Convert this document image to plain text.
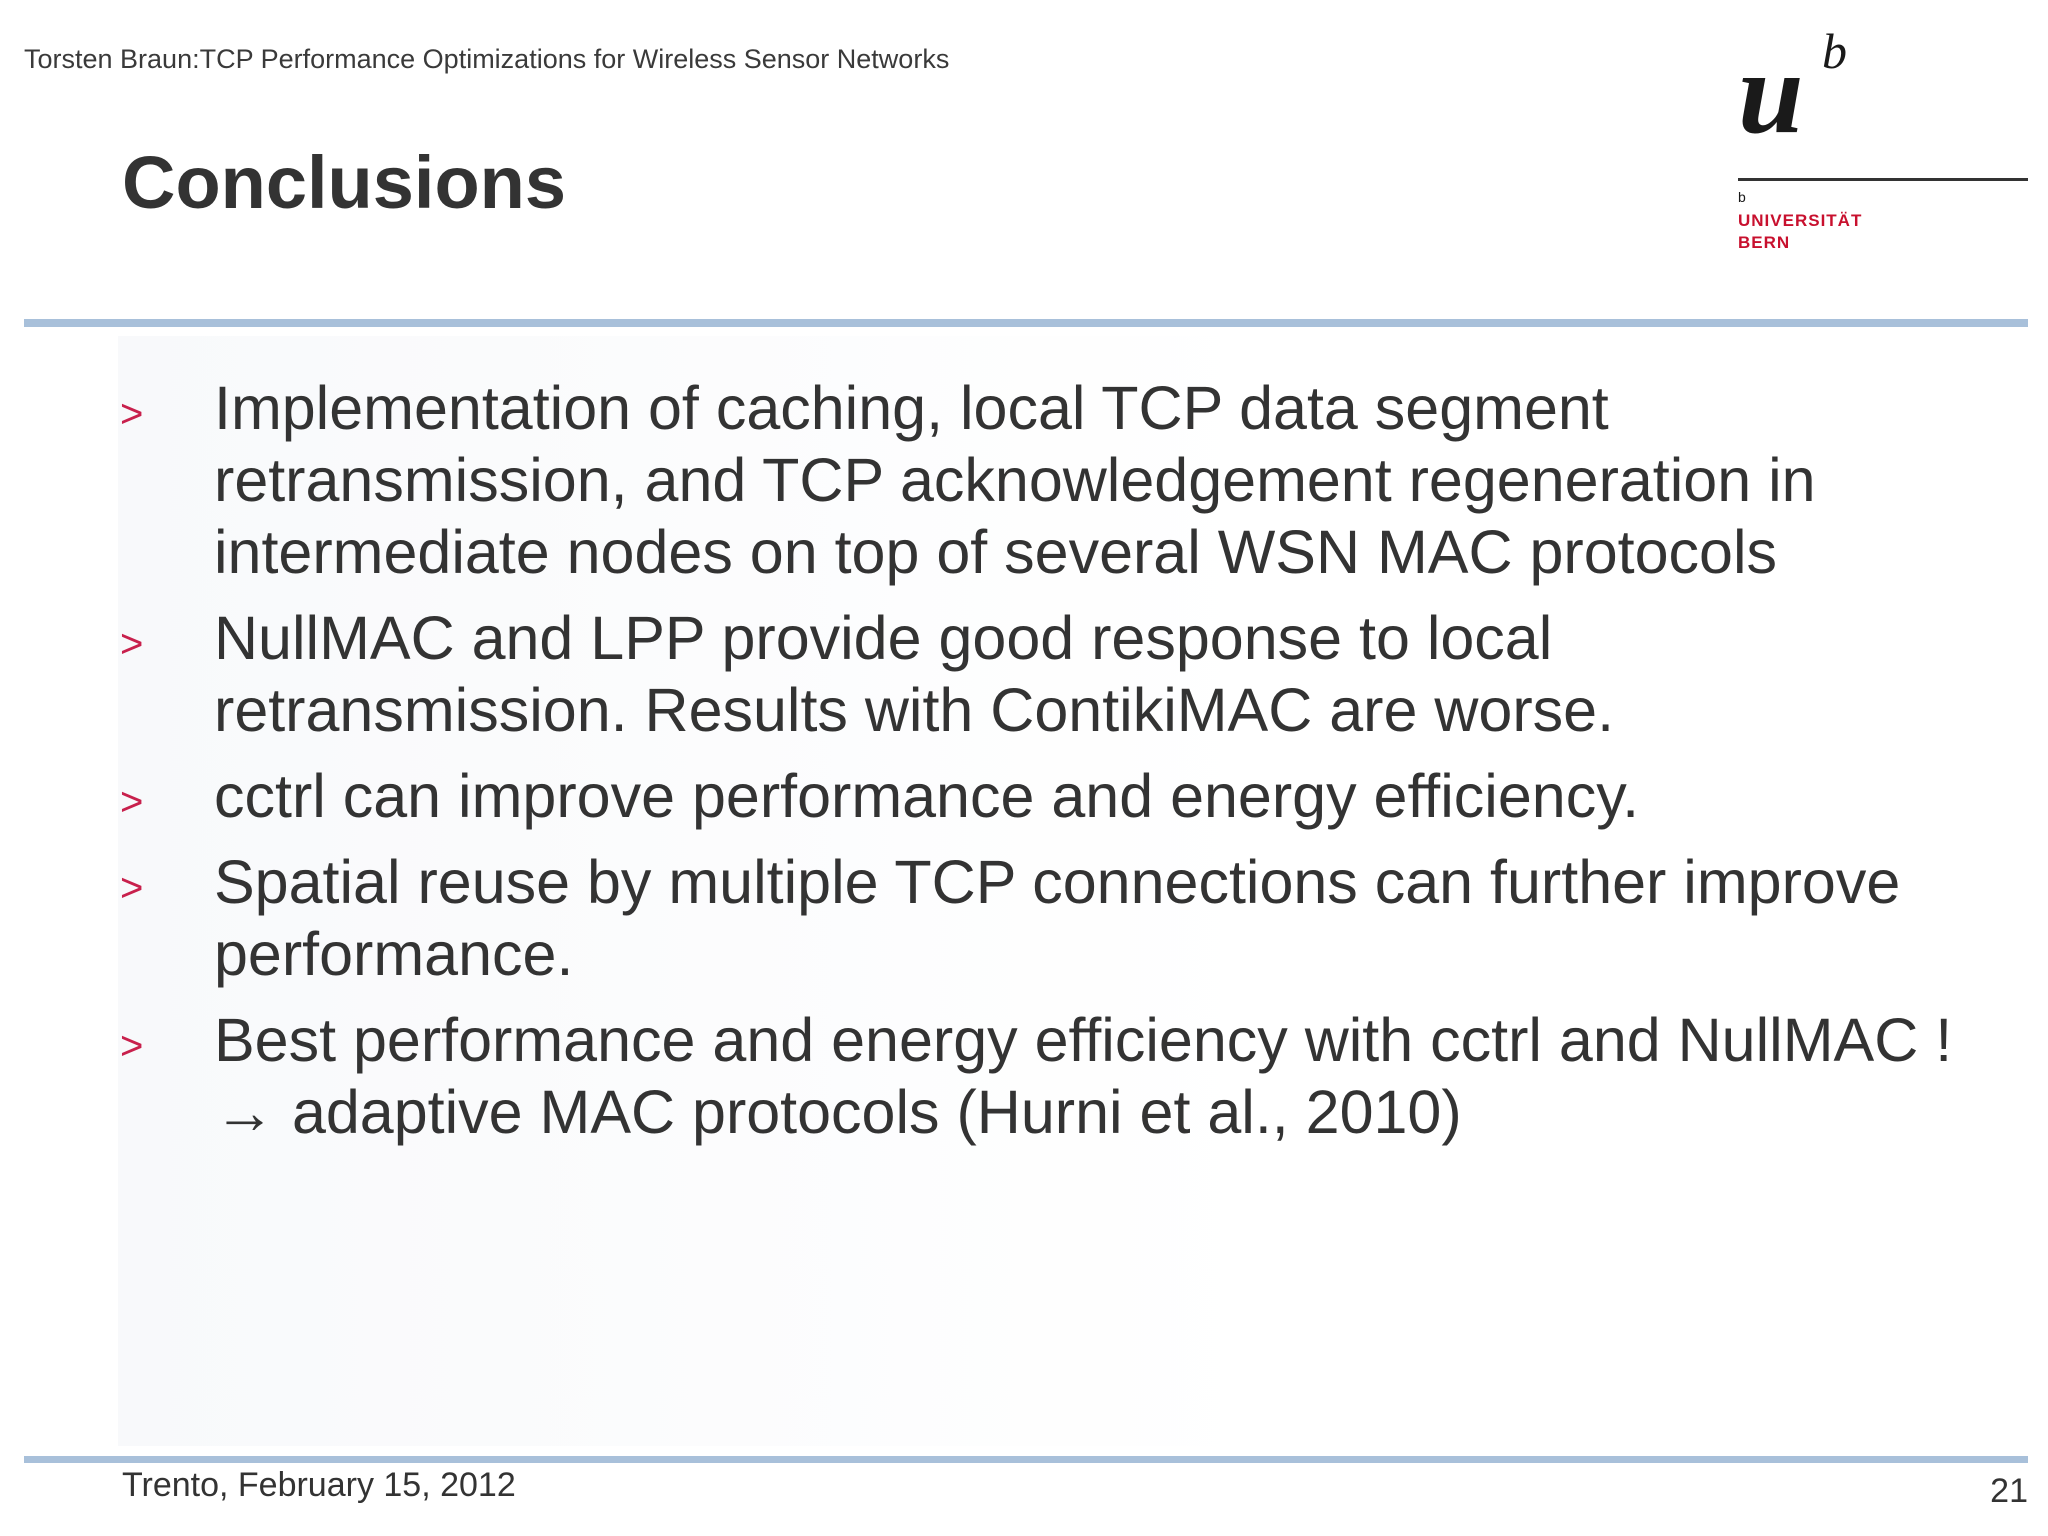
Torsten Braun:TCP Performance Optimizations for Wireless Sensor Networks
Conclusions
u b
b
UNIVERSITÄT
BERN
> Implementation of caching, local TCP data segment
retransmission, and TCP acknowledgement regeneration in
intermediate nodes on top of several WSN MAC protocols
> NullMAC and LPP provide good response to local
retransmission. Results with ContikiMAC are worse.
> cctrl can improve performance and energy efficiency.
> Spatial reuse by multiple TCP connections can further improve
performance.
> Best performance and energy efficiency with cctrl and NullMAC !
→ adaptive MAC protocols (Hurni et al., 2010)
Trento, February 15, 2012	21
